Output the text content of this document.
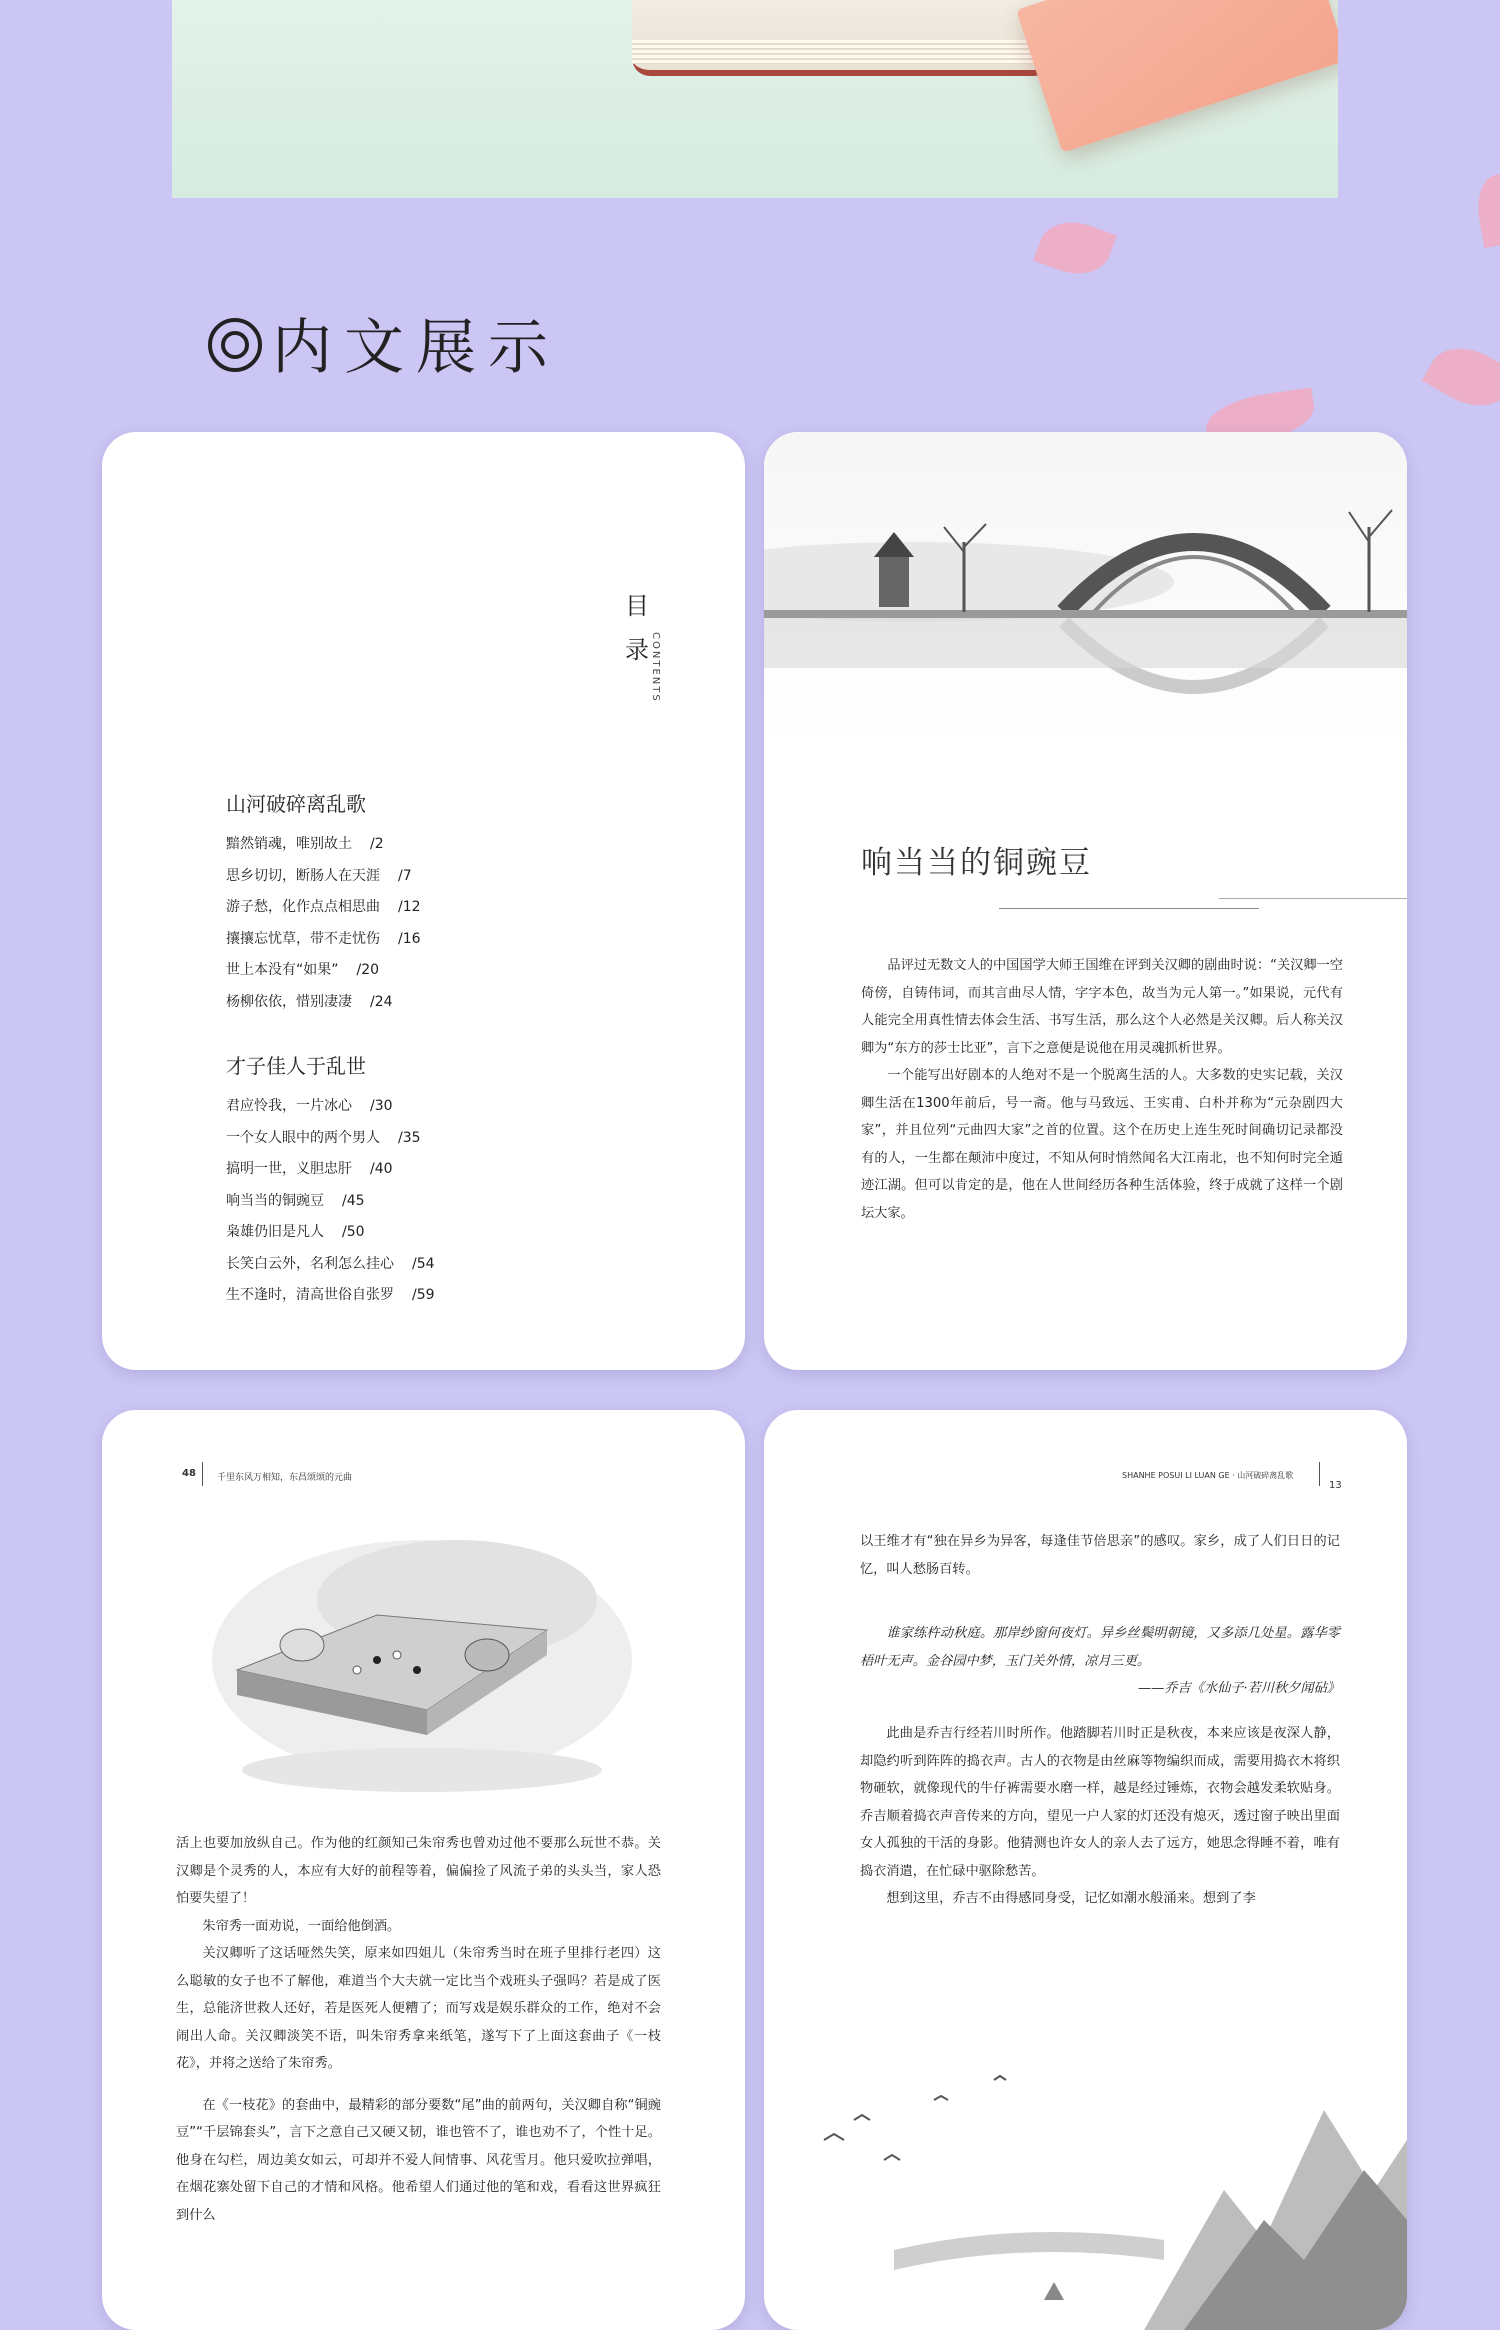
内文展示
目
录 CONTENTS
山河破碎离乱歌
黯然销魂，唯别故土 /2
思乡切切，断肠人在天涯 /7
游子愁，化作点点相思曲 /12
攘攘忘忧草，带不走忧伤 /16
世上本没有“如果” /20
杨柳依依，惜别凄凄 /24
才子佳人于乱世
君应怜我，一片冰心 /30
一个女人眼中的两个男人 /35
搞明一世，义胆忠肝 /40
响当当的铜豌豆 /45
枭雄仍旧是凡人 /50
长笑白云外，名利怎么挂心 /54
生不逢时，清高世俗自张罗 /59
响当当的铜豌豆

品评过无数文人的中国国学大师王国维在评到关汉卿的剧曲时说：“关汉卿一空倚傍，自铸伟词，而其言曲尽人情，字字本色，故当为元人第一。”如果说，元代有人能完全用真性情去体会生活、书写生活，那么这个人必然是关汉卿。后人称关汉卿为“东方的莎士比亚”，言下之意便是说他在用灵魂抓析世界。

一个能写出好剧本的人绝对不是一个脱离生活的人。大多数的史实记载，关汉卿生活在1300年前后，号一斋。他与马致远、王实甫、白朴并称为“元杂剧四大家”，并且位列“元曲四大家”之首的位置。这个在历史上连生死时间确切记录都没有的人，一生都在颠沛中度过，不知从何时悄然闻名大江南北，也不知何时完全遁迹江湖。但可以肯定的是，他在人世间经历各种生活体验，终于成就了这样一个剧坛大家。

48 千里东风万相知，东昌颂颂的元曲

活上也要加放纵自己。作为他的红颜知己朱帘秀也曾劝过他不要那么玩世不恭。关汉卿是个灵秀的人，本应有大好的前程等着，偏偏捡了风流子弟的头头当，家人恐怕要失望了！

朱帘秀一面劝说，一面给他倒酒。

关汉卿听了这话哑然失笑，原来如四姐儿（朱帘秀当时在班子里排行老四）这么聪敏的女子也不了解他，难道当个大夫就一定比当个戏班头子强吗？若是成了医生，总能济世救人还好，若是医死人便糟了；而写戏是娱乐群众的工作，绝对不会闹出人命。关汉卿淡笑不语，叫朱帘秀拿来纸笔，遂写下了上面这套曲子《一枝花》，并将之送给了朱帘秀。

在《一枝花》的套曲中，最精彩的部分要数“尾”曲的前两句，关汉卿自称“铜豌豆”“千层锦套头”，言下之意自己又硬又韧，谁也管不了，谁也劝不了，个性十足。他身在勾栏，周边美女如云，可却并不爱人间情事、风花雪月。他只爱吹拉弹唱，在烟花寨处留下自己的才情和风格。他希望人们通过他的笔和戏，看看这世界疯狂到什么

SHANHE POSUI LI LUAN GE · 山河破碎离乱歌
13

以王维才有“独在异乡为异客，每逢佳节倍思亲”的感叹。家乡，成了人们日日的记忆，叫人愁肠百转。

谁家练杵动秋庭。那岸纱窗何夜灯。异乡丝鬓明朝镜，又多添几处星。露华零梧叶无声。金谷园中梦，玉门关外情，凉月三更。

——乔吉《水仙子·若川秋夕闻砧》

此曲是乔吉行经若川时所作。他踏脚若川时正是秋夜，本来应该是夜深人静，却隐约听到阵阵的捣衣声。古人的衣物是由丝麻等物编织而成，需要用捣衣木将织物砸软，就像现代的牛仔裤需要水磨一样，越是经过锤炼，衣物会越发柔软贴身。乔吉顺着捣衣声音传来的方向，望见一户人家的灯还没有熄灭，透过窗子映出里面女人孤独的干活的身影。他猜测也许女人的亲人去了远方，她思念得睡不着，唯有捣衣消遣，在忙碌中驱除愁苦。

想到这里，乔吉不由得感同身受，记忆如潮水般涌来。想到了李
